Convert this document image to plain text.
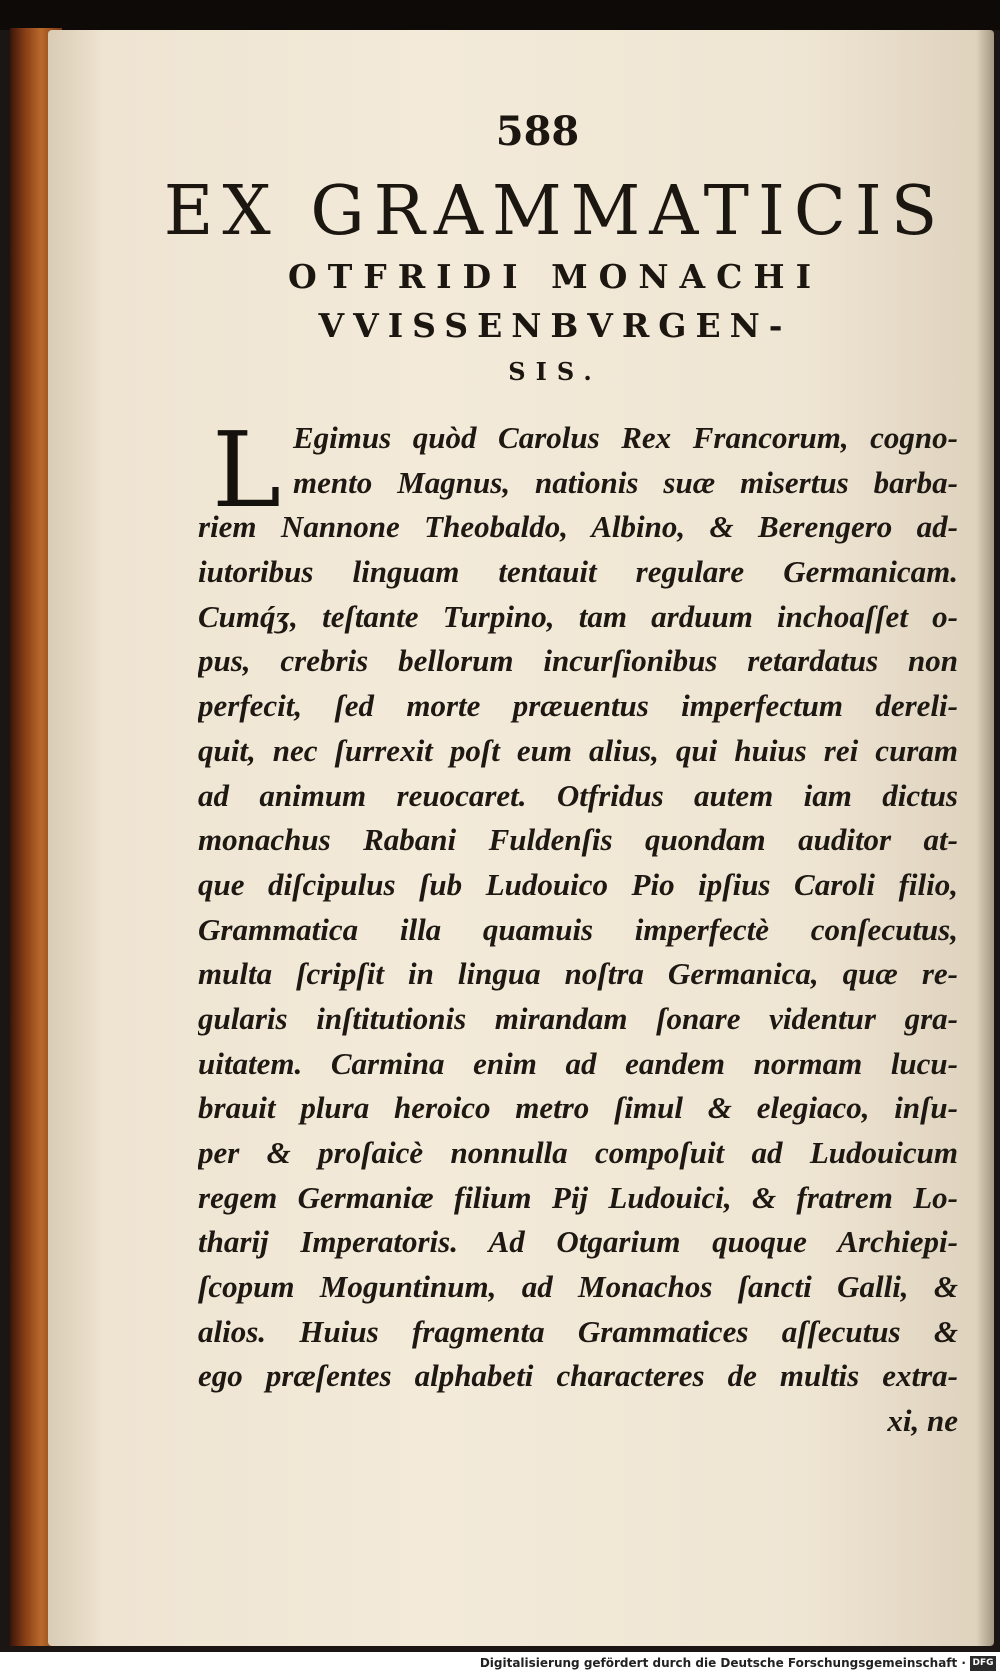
588
EX GRAMMATICIS
OTFRIDI MONACHI
VVISSENBVRGEN-
SIS.
L Egimus quòd Carolus Rex Francorum, cogno-
mento Magnus, nationis suæ misertus barba-
riem Nannone Theobaldo, Albino, & Berengero ad-
iutoribus linguam tentauit regulare Germanicam.
Cumq́ʒ, teſtante Turpino, tam arduum inchoaſſet o-
pus, crebris bellorum incurſionibus retardatus non
perfecit, ſed morte præuentus imperfectum dereli-
quit, nec ſurrexit poſt eum alius, qui huius rei curam
ad animum reuocaret. Otfridus autem iam dictus
monachus Rabani Fuldenſis quondam auditor at-
que diſcipulus ſub Ludouico Pio ipſius Caroli filio,
Grammatica illa quamuis imperfectè conſecutus,
multa ſcripſit in lingua noſtra Germanica, quæ re-
gularis inſtitutionis mirandam ſonare videntur gra-
uitatem. Carmina enim ad eandem normam lucu-
brauit plura heroico metro ſimul & elegiaco, inſu-
per & proſaicè nonnulla compoſuit ad Ludouicum
regem Germaniæ filium Pij Ludouici, & fratrem Lo-
tharij Imperatoris. Ad Otgarium quoque Archiepi-
ſcopum Moguntinum, ad Monachos ſancti Galli, &
alios. Huius fragmenta Grammatices aſſecutus &
ego præſentes alphabeti characteres de multis extra-
xi, ne
Digitalisierung gefördert durch die Deutsche Forschungsgemeinschaft · DFG
